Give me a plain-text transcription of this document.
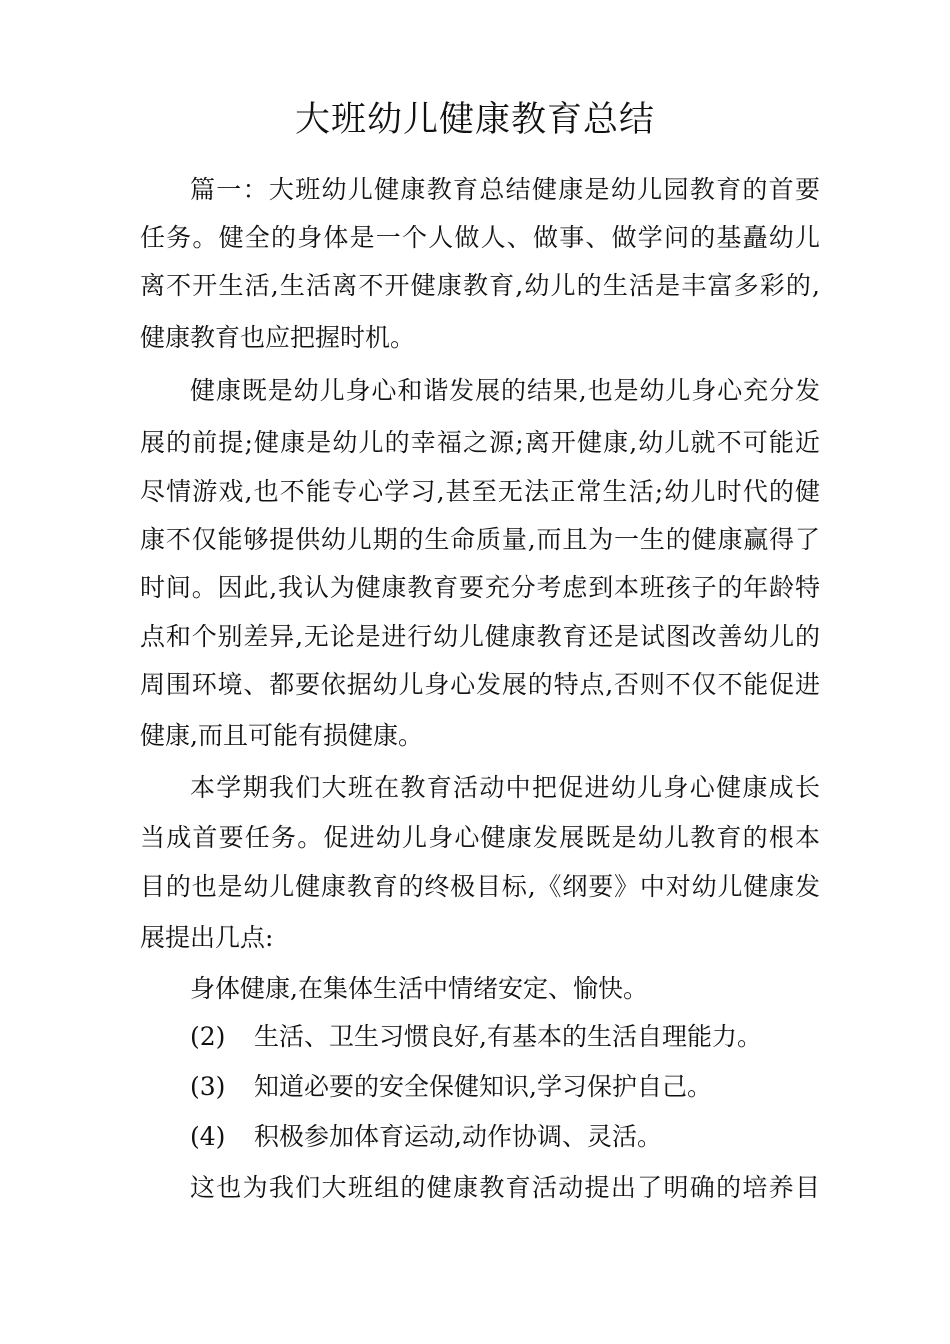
大班幼儿健康教育总结
篇一：大班幼儿健康教育总结健康是幼儿园教育的首要
任务。健全的身体是一个人做人、做事、做学问的基矗幼儿
离不开生活,生活离不开健康教育,幼儿的生活是丰富多彩的,
健康教育也应把握时机。
健康既是幼儿身心和谐发展的结果,也是幼儿身心充分发
展的前提;健康是幼儿的幸福之源;离开健康,幼儿就不可能近
尽情游戏,也不能专心学习,甚至无法正常生活;幼儿时代的健
康不仅能够提供幼儿期的生命质量,而且为一生的健康赢得了
时间。因此,我认为健康教育要充分考虑到本班孩子的年龄特
点和个别差异,无论是进行幼儿健康教育还是试图改善幼儿的
周围环境、都要依据幼儿身心发展的特点,否则不仅不能促进
健康,而且可能有损健康。
本学期我们大班在教育活动中把促进幼儿身心健康成长
当成首要任务。促进幼儿身心健康发展既是幼儿教育的根本
目的也是幼儿健康教育的终极目标,《纲要》中对幼儿健康发
展提出几点:
身体健康,在集体生活中情绪安定、愉快。
(2) 生活、卫生习惯良好,有基本的生活自理能力。
(3) 知道必要的安全保健知识,学习保护自己。
(4) 积极参加体育运动,动作协调、灵活。
这也为我们大班组的健康教育活动提出了明确的培养目
